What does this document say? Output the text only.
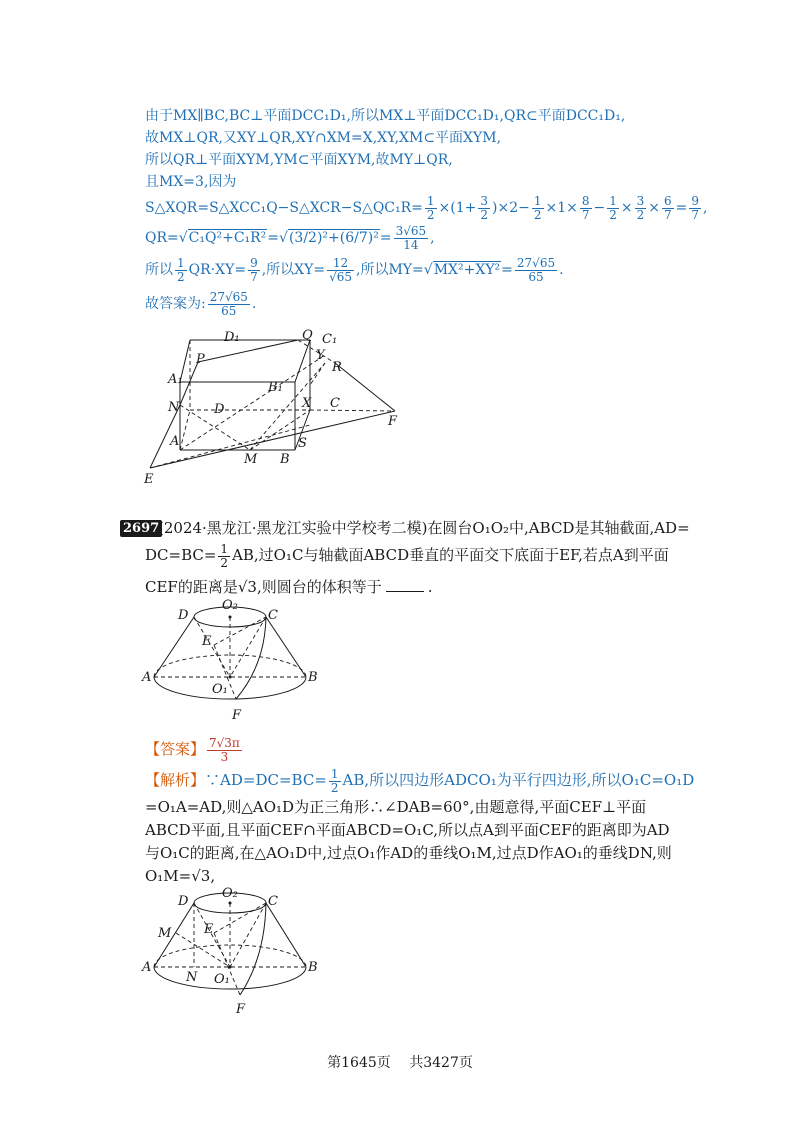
由于MX∥BC,BC⊥平面DCC₁D₁,所以MX⊥平面DCC₁D₁,QR⊂平面DCC₁D₁,
故MX⊥QR,又XY⊥QR,XY∩XM=X,XY,XM⊂平面XYM,
所以QR⊥平面XYM,YM⊂平面XYM,故MY⊥QR,
且MX=3,因为
S△XQR=S△XCC₁Q−S△XCR−S△QC₁R= $\frac{1}{2} \times(1+ \frac{3}{2} )\times 2- \frac{1}{2} \times 1\times \frac{8}{7} - \frac{1}{2} \times \frac{3}{2} \times \frac{6}{7} = \frac{9}{7}$ ,
$QR=√C_1Q^2+C_1R^2=√(3/2)^2+(6/7)^2= \frac{3√65}{14}$ ,
所以 $\frac{1}{2} QR\cdot XY= \frac{9}{7}$ ,所以$XY= \frac{12}{√65}$ ,所以$MY=√MX^2+XY^2= \frac{27√65}{65}$ .
故答案为: $\frac{27√65}{65}$ .
D₁	Q C₁
P	Y
R
A₁
B₁
N	D	X C
F
A	S
M B
E
2697
(2024·黑龙江·黑龙江实验中学校考二模)在圆台O₁O₂中,ABCD是其轴截面,AD=
$DC=BC= \frac{1}{2}$ AB,过O₁C与轴截面ABCD垂直的平面交下底面于EF,若点A到平面
CEF的距离是√3,则圆台的体积等于	.
D
O₂
C
E
A
O₁
B
F
【答案】 $\frac{7√3\pi}{3}$
【解析】∵AD=DC=BC= $\frac{1}{2}$ AB,所以四边形ADCO₁为平行四边形,所以O₁C=O₁D
=O₁A=AD,则△AO₁D为正三角形∴∠DAB=60°,由题意得,平面CEF⊥平面
ABCD平面,且平面CEF∩平面ABCD=O₁C,所以点A到平面CEF的距离即为AD
与O₁C的距离,在△AO₁D中,过点O₁作AD的垂线O₁M,过点D作AO₁的垂线DN,则
O₁M=√3,
D
O₂
C
M	E
A
N O₁
B
F
第1645页　 共3427页
